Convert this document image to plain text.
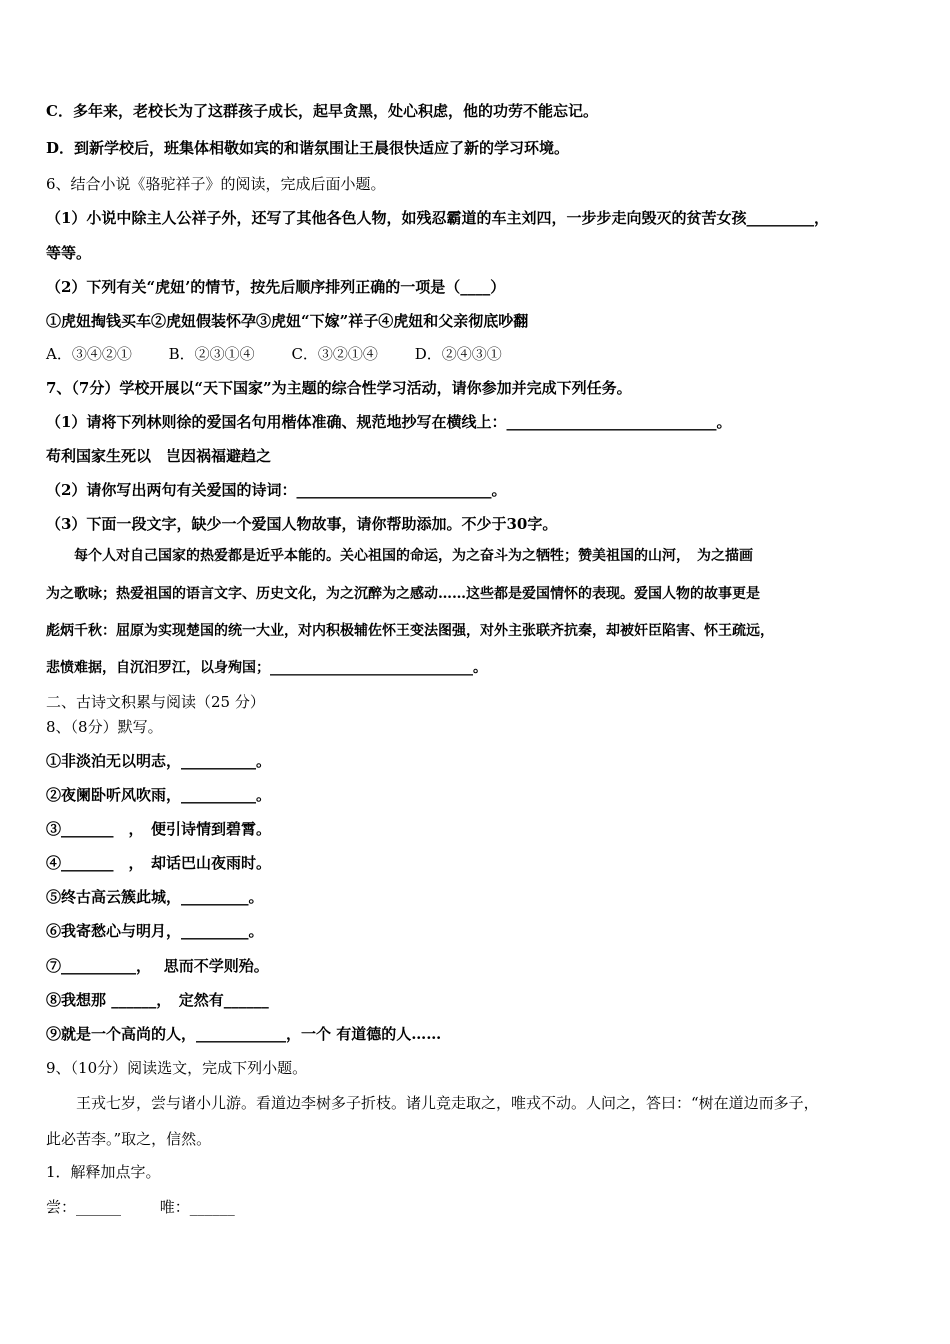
C．多年来，老校长为了这群孩子成长，起早贪黑，处心积虑，他的功劳不能忘记。
D．到新学校后，班集体相敬如宾的和谐氛围让王晨很快适应了新的学习环境。
6、结合小说《骆驼祥子》的阅读，完成后面小题。
（1）小说中除主人公祥子外，还写了其他各色人物，如残忍霸道的车主刘四，一步步走向毁灭的贫苦女孩_________，
等等。
（2）下列有关“虎妞’的情节，按先后顺序排列正确的一项是（____）
①虎妞掏钱买车②虎妞假装怀孕③虎妞“下嫁”祥子④虎妞和父亲彻底吵翻
A．③④②① B．②③①④ C．③②①④ D．②④③①
7、（7分）学校开展以“天下国家”为主题的综合性学习活动，请你参加并完成下列任务。
（1）请将下列林则徐的爱国名句用楷体准确、规范地抄写在横线上：____________________________。
苟利国家生死以　岂因祸福避趋之
（2）请你写出两句有关爱国的诗词：__________________________。
（3）下面一段文字，缺少一个爱国人物故事，请你帮助添加。不少于30字。
　　每个人对自己国家的热爱都是近乎本能的。关心祖国的命运，为之奋斗为之牺牲；赞美祖国的山河，　为之描画
为之歌咏；热爱祖国的语言文字、历史文化，为之沉醉为之感动……这些都是爱国情怀的表现。爱国人物的故事更是
彪炳千秋：屈原为实现楚国的统一大业，对内积极辅佐怀王变法图强，对外主张联齐抗秦，却被奸臣陷害、怀王疏远，
悲愤难据，自沉汨罗江，以身殉国；_____________________________。
二、古诗文积累与阅读（25 分）
8、（8分）默写。
①非淡泊无以明志，__________。
②夜阑卧听风吹雨，__________。
③_______　，　便引诗情到碧霄。
④_______　，　却话巴山夜雨时。
⑤终古高云簇此城，_________。
⑥我寄愁心与明月，_________。
⑦__________，　 思而不学则殆。
⑧我想那 ______，　定然有______
⑨就是一个高尚的人，____________，一个 有道德的人……
9、（10分）阅读选文，完成下列小题。
　　王戎七岁，尝与诸小儿游。看道边李树多子折枝。诸儿竞走取之，唯戎不动。人问之，答曰：“树在道边而多子，
此必苦李。”取之，信然。
1．解释加点字。
尝：______	唯：______
